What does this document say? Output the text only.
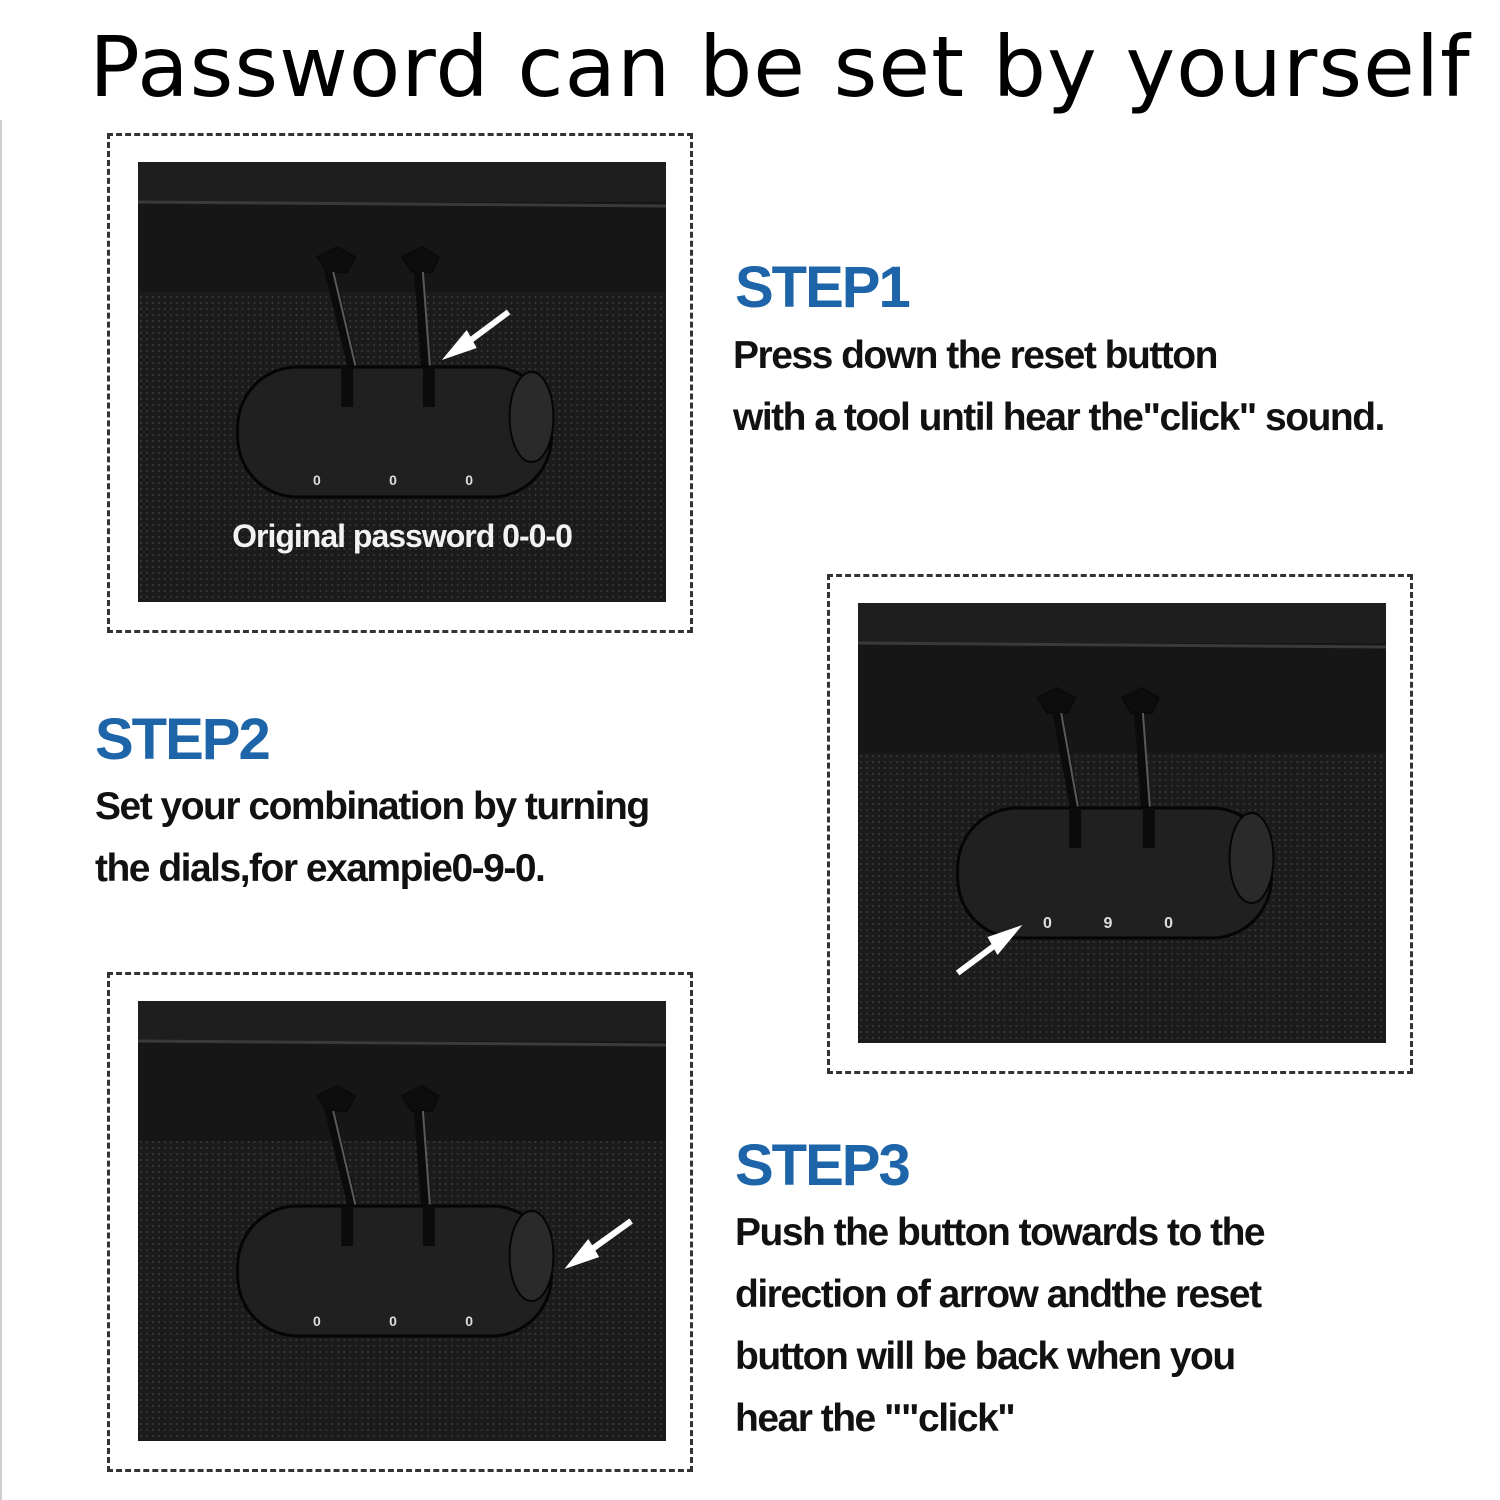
Password can be set by yourself
0	0	0
Original password 0-0-0
STEP1
Press down the reset button
with a tool until hear the"click" sound.
0	9	0
STEP2
Set your combination by turning
the dials,for exampie0-9-0.
0	0	0
STEP3
Push the button towards to the
direction of arrow andthe reset
button will be back when you
hear the ""click"
